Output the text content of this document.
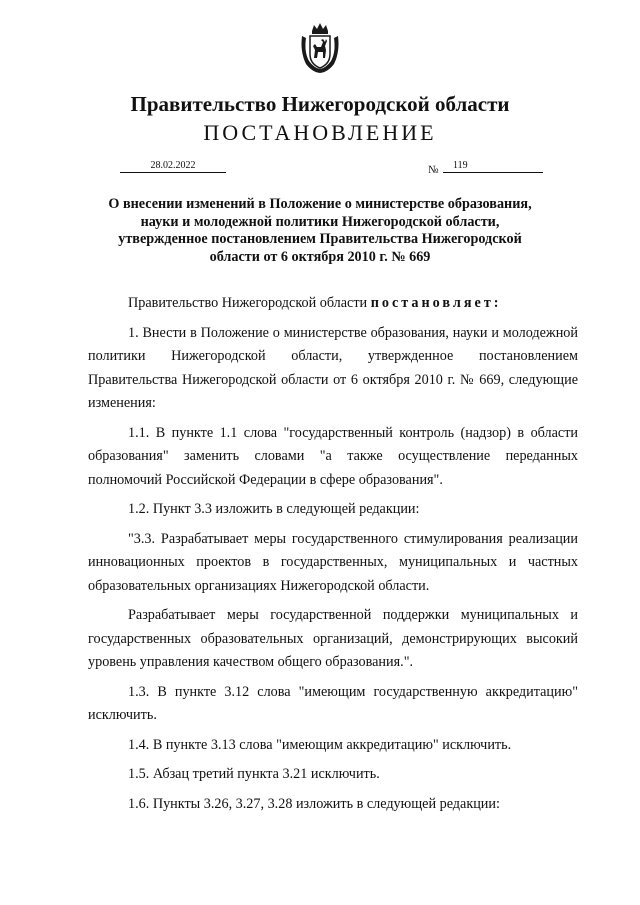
Правительство Нижегородской области
ПОСТАНОВЛЕНИЕ
28.02.2022	№	119
О внесении изменений в Положение о министерстве образования, науки и молодежной политики Нижегородской области, утвержденное постановлением Правительства Нижегородской области от 6 октября 2010 г. № 669

Правительство Нижегородской области постановляет:

1. Внести в Положение о министерстве образования, науки и молодежной политики Нижегородской области, утвержденное постановлением Правительства Нижегородской области от 6 октября 2010 г. № 669, следующие изменения:

1.1. В пункте 1.1 слова "государственный контроль (надзор) в области образования" заменить словами "а также осуществление переданных полномочий Российской Федерации в сфере образования".

1.2. Пункт 3.3 изложить в следующей редакции:

"3.3. Разрабатывает меры государственного стимулирования реализации инновационных проектов в государственных, муниципальных и частных образовательных организациях Нижегородской области.

Разрабатывает меры государственной поддержки муниципальных и государственных образовательных организаций, демонстрирующих высокий уровень управления качеством общего образования.".

1.3. В пункте 3.12 слова "имеющим государственную аккредитацию" исключить.

1.4. В пункте 3.13 слова "имеющим аккредитацию" исключить.

1.5. Абзац третий пункта 3.21 исключить.

1.6. Пункты 3.26, 3.27, 3.28 изложить в следующей редакции:
